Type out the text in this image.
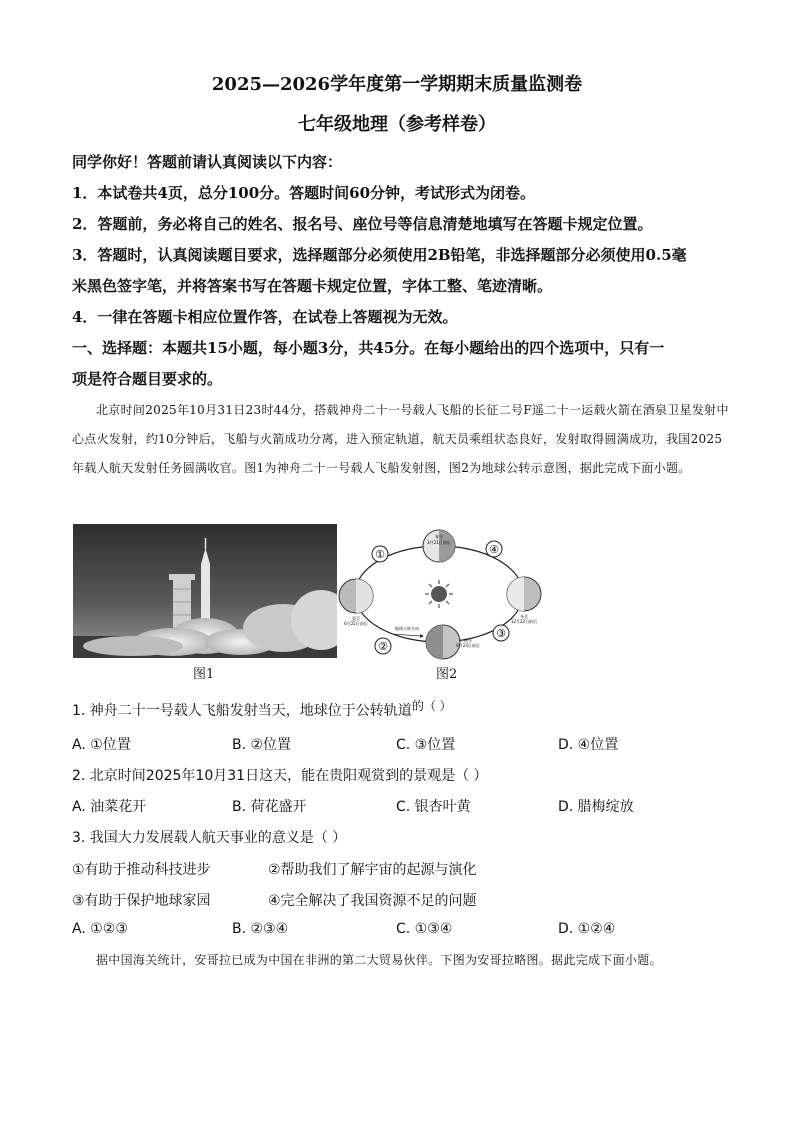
2025—2026学年度第一学期期末质量监测卷
七年级地理（参考样卷）
同学你好！答题前请认真阅读以下内容：
1．本试卷共4页，总分100分。答题时间60分钟，考试形式为闭卷。
2．答题前，务必将自己的姓名、报名号、座位号等信息清楚地填写在答题卡规定位置。
3．答题时，认真阅读题目要求，选择题部分必须使用2B铅笔，非选择题部分必须使用0.5毫
米黑色签字笔，并将答案书写在答题卡规定位置，字体工整、笔迹清晰。
4．一律在答题卡相应位置作答，在试卷上答题视为无效。
一、选择题：本题共15小题，每小题3分，共45分。在每小题给出的四个选项中，只有一
项是符合题目要求的。
北京时间2025年10月31日23时44分，搭载神舟二十一号载人飞船的长征二号F遥二十一运载火箭在酒泉卫星发射中心点火发射，约10分钟后，飞船与火箭成功分离，进入预定轨道，航天员乘组状态良好，发射取得圆满成功，我国2025年载人航天发射任务圆满收官。图1为神舟二十一号载人飞船发射图，图2为地球公转示意图，据此完成下面小题。
图1
①	④
②
③
春分
3月21日前后
夏至
6月22日前后
秋分
9月23日前后
冬至
12月22日前后
地球公转方向
图2
1. 神舟二十一号载人飞船发射当天，地球位于公转轨道的（ ）
A. ①位置	B. ②位置	C. ③位置	D. ④位置
2. 北京时间2025年10月31日这天，能在贵阳观赏到的景观是（ ）
A. 油菜花开	B. 荷花盛开	C. 银杏叶黄	D. 腊梅绽放
3. 我国大力发展载人航天事业的意义是（ ）
①有助于推动科技进步	②帮助我们了解宇宙的起源与演化
③有助于保护地球家园	④完全解决了我国资源不足的问题
A. ①②③	B. ②③④	C. ①③④	D. ①②④
据中国海关统计，安哥拉已成为中国在非洲的第二大贸易伙伴。下图为安哥拉略图。据此完成下面小题。
